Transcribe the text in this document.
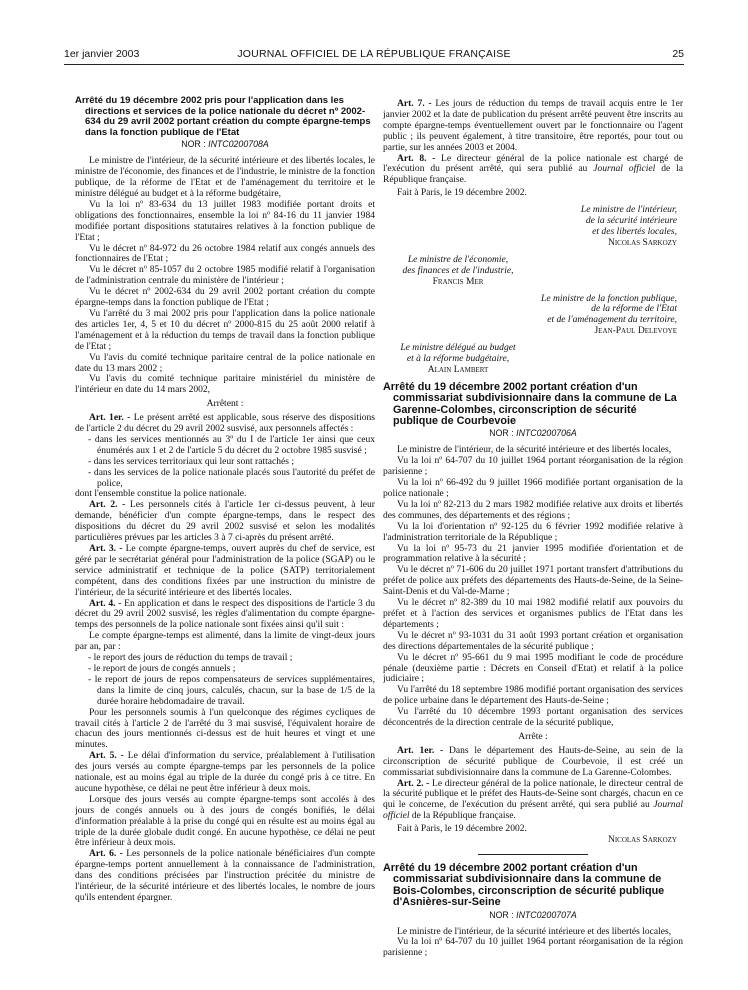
1er janvier 2003	JOURNAL OFFICIEL DE LA RÉPUBLIQUE FRANÇAISE	25
Arrêté du 19 décembre 2002 pris pour l'application dans les directions et services de la police nationale du décret nº 2002-634 du 29 avril 2002 portant création du compte épargne-temps dans la fonction publique de l'Etat
NOR : INTC0200708A

Le ministre de l'intérieur, de la sécurité intérieure et des libertés locales, le ministre de l'économie, des finances et de l'industrie, le ministre de la fonction publique, de la réforme de l'Etat et de l'aménagement du territoire et le ministre délégué au budget et à la réforme budgétaire,

Vu la loi nº 83-634 du 13 juillet 1983 modifiée portant droits et obligations des fonctionnaires, ensemble la loi nº 84-16 du 11 janvier 1984 modifiée portant dispositions statutaires relatives à la fonction publique de l'Etat ;

Vu le décret nº 84-972 du 26 octobre 1984 relatif aux congés annuels des fonctionnaires de l'Etat ;

Vu le décret nº 85-1057 du 2 octobre 1985 modifié relatif à l'organisation de l'administration centrale du ministère de l'intérieur ;

Vu le décret nº 2002-634 du 29 avril 2002 portant création du compte épargne-temps dans la fonction publique de l'Etat ;

Vu l'arrêté du 3 mai 2002 pris pour l'application dans la police nationale des articles 1er, 4, 5 et 10 du décret nº 2000-815 du 25 août 2000 relatif à l'aménagement et à la réduction du temps de travail dans la fonction publique de l'Etat ;

Vu l'avis du comité technique paritaire central de la police nationale en date du 13 mars 2002 ;

Vu l'avis du comité technique paritaire ministériel du ministère de l'intérieur en date du 14 mars 2002,

Arrêtent :

Art. 1er. - Le présent arrêté est applicable, sous réserve des dispositions de l'article 2 du décret du 29 avril 2002 susvisé, aux personnels affectés :

- dans les services mentionnés au 3º du I de l'article 1er ainsi que ceux énumérés aux 1 et 2 de l'article 5 du décret du 2 octobre 1985 susvisé ;
- dans les services territoriaux qui leur sont rattachés ;
- dans les services de la police nationale placés sous l'autorité du préfet de police,

dont l'ensemble constitue la police nationale.

Art. 2. - Les personnels cités à l'article 1er ci-dessus peuvent, à leur demande, bénéficier d'un compte épargne-temps, dans le respect des dispositions du décret du 29 avril 2002 susvisé et selon les modalités particulières prévues par les articles 3 à 7 ci-après du présent arrêté.

Art. 3. - Le compte épargne-temps, ouvert auprès du chef de service, est géré par le secrétariat général pour l'administration de la police (SGAP) ou le service administratif et technique de la police (SATP) territorialement compétent, dans des conditions fixées par une instruction du ministre de l'intérieur, de la sécurité intérieure et des libertés locales.

Art. 4. - En application et dans le respect des dispositions de l'article 3 du décret du 29 avril 2002 susvisé, les règles d'alimentation du compte épargne-temps des personnels de la police nationale sont fixées ainsi qu'il suit :

Le compte épargne-temps est alimenté, dans la limite de vingt-deux jours par an, par :

- le report des jours de réduction du temps de travail ;
- le report de jours de congés annuels ;
- le report de jours de repos compensateurs de services supplémentaires, dans la limite de cinq jours, calculés, chacun, sur la base de 1/5 de la durée horaire hebdomadaire de travail.

Pour les personnels soumis à l'un quelconque des régimes cycliques de travail cités à l'article 2 de l'arrêté du 3 mai susvisé, l'équivalent horaire de chacun des jours mentionnés ci-dessus est de huit heures et vingt et une minutes.

Art. 5. - Le délai d'information du service, préalablement à l'utilisation des jours versés au compte épargne-temps par les personnels de la police nationale, est au moins égal au triple de la durée du congé pris à ce titre. En aucune hypothèse, ce délai ne peut être inférieur à deux mois.

Lorsque des jours versés au compte épargne-temps sont accolés à des jours de congés annuels ou à des jours de congés bonifiés, le délai d'information préalable à la prise du congé qui en résulte est au moins égal au triple de la durée globale dudit congé. En aucune hypothèse, ce délai ne peut être inférieur à deux mois.

Art. 6. - Les personnels de la police nationale bénéficiaires d'un compte épargne-temps portent annuellement à la connaissance de l'administration, dans des conditions précisées par l'instruction précitée du ministre de l'intérieur, de la sécurité intérieure et des libertés locales, le nombre de jours qu'ils entendent épargner.

Art. 7. - Les jours de réduction du temps de travail acquis entre le 1er janvier 2002 et la date de publication du présent arrêté peuvent être inscrits au compte épargne-temps éventuellement ouvert par le fonctionnaire ou l'agent public ; ils peuvent également, à titre transitoire, être reportés, pour tout ou partie, sur les années 2003 et 2004.

Art. 8. - Le directeur général de la police nationale est chargé de l'exécution du présent arrêté, qui sera publié au Journal officiel de la République française.

Fait à Paris, le 19 décembre 2002.

Le ministre de l'intérieur,
de la sécurité intérieure
et des libertés locales,
Nicolas Sarkozy
Le ministre de l'économie,
des finances et de l'industrie,
Francis Mer
Le ministre de la fonction publique,
de la réforme de l'Etat
et de l'aménagement du territoire,
Jean-Paul Delevoye
Le ministre délégué au budget
et à la réforme budgétaire,
Alain Lambert
Arrêté du 19 décembre 2002 portant création d'un commissariat subdivisionnaire dans la commune de La Garenne-Colombes, circonscription de sécurité publique de Courbevoie
NOR : INTC0200706A

Le ministre de l'intérieur, de la sécurité intérieure et des libertés locales,

Vu la loi nº 64-707 du 10 juillet 1964 portant réorganisation de la région parisienne ;

Vu la loi nº 66-492 du 9 juillet 1966 modifiée portant organisation de la police nationale ;

Vu la loi nº 82-213 du 2 mars 1982 modifiée relative aux droits et libertés des communes, des départements et des régions ;

Vu la loi d'orientation nº 92-125 du 6 février 1992 modifiée relative à l'administration territoriale de la République ;

Vu la loi nº 95-73 du 21 janvier 1995 modifiée d'orientation et de programmation relative à la sécurité ;

Vu le décret nº 71-606 du 20 juillet 1971 portant transfert d'attributions du préfet de police aux préfets des départements des Hauts-de-Seine, de la Seine-Saint-Denis et du Val-de-Marne ;

Vu le décret nº 82-389 du 10 mai 1982 modifié relatif aux pouvoirs du préfet et à l'action des services et organismes publics de l'Etat dans les départements ;

Vu le décret nº 93-1031 du 31 août 1993 portant création et organisation des directions départementales de la sécurité publique ;

Vu le décret nº 95-661 du 9 mai 1995 modifiant le code de procédure pénale (deuxième partie : Décrets en Conseil d'Etat) et relatif à la police judiciaire ;

Vu l'arrêté du 18 septembre 1986 modifié portant organisation des services de police urbaine dans le département des Hauts-de-Seine ;

Vu l'arrêté du 10 décembre 1993 portant organisation des services déconcentrés de la direction centrale de la sécurité publique,

Arrête :

Art. 1er. - Dans le département des Hauts-de-Seine, au sein de la circonscription de sécurité publique de Courbevoie, il est créé un commissariat subdivisionnaire dans la commune de La Garenne-Colombes.

Art. 2. - Le directeur général de la police nationale, le directeur central de la sécurité publique et le préfet des Hauts-de-Seine sont chargés, chacun en ce qui le concerne, de l'exécution du présent arrêté, qui sera publié au Journal officiel de la République française.

Fait à Paris, le 19 décembre 2002.

Nicolas Sarkozy
Arrêté du 19 décembre 2002 portant création d'un commissariat subdivisionnaire dans la commune de Bois-Colombes, circonscription de sécurité publique d'Asnières-sur-Seine
NOR : INTC0200707A

Le ministre de l'intérieur, de la sécurité intérieure et des libertés locales,

Vu la loi nº 64-707 du 10 juillet 1964 portant réorganisation de la région parisienne ;
